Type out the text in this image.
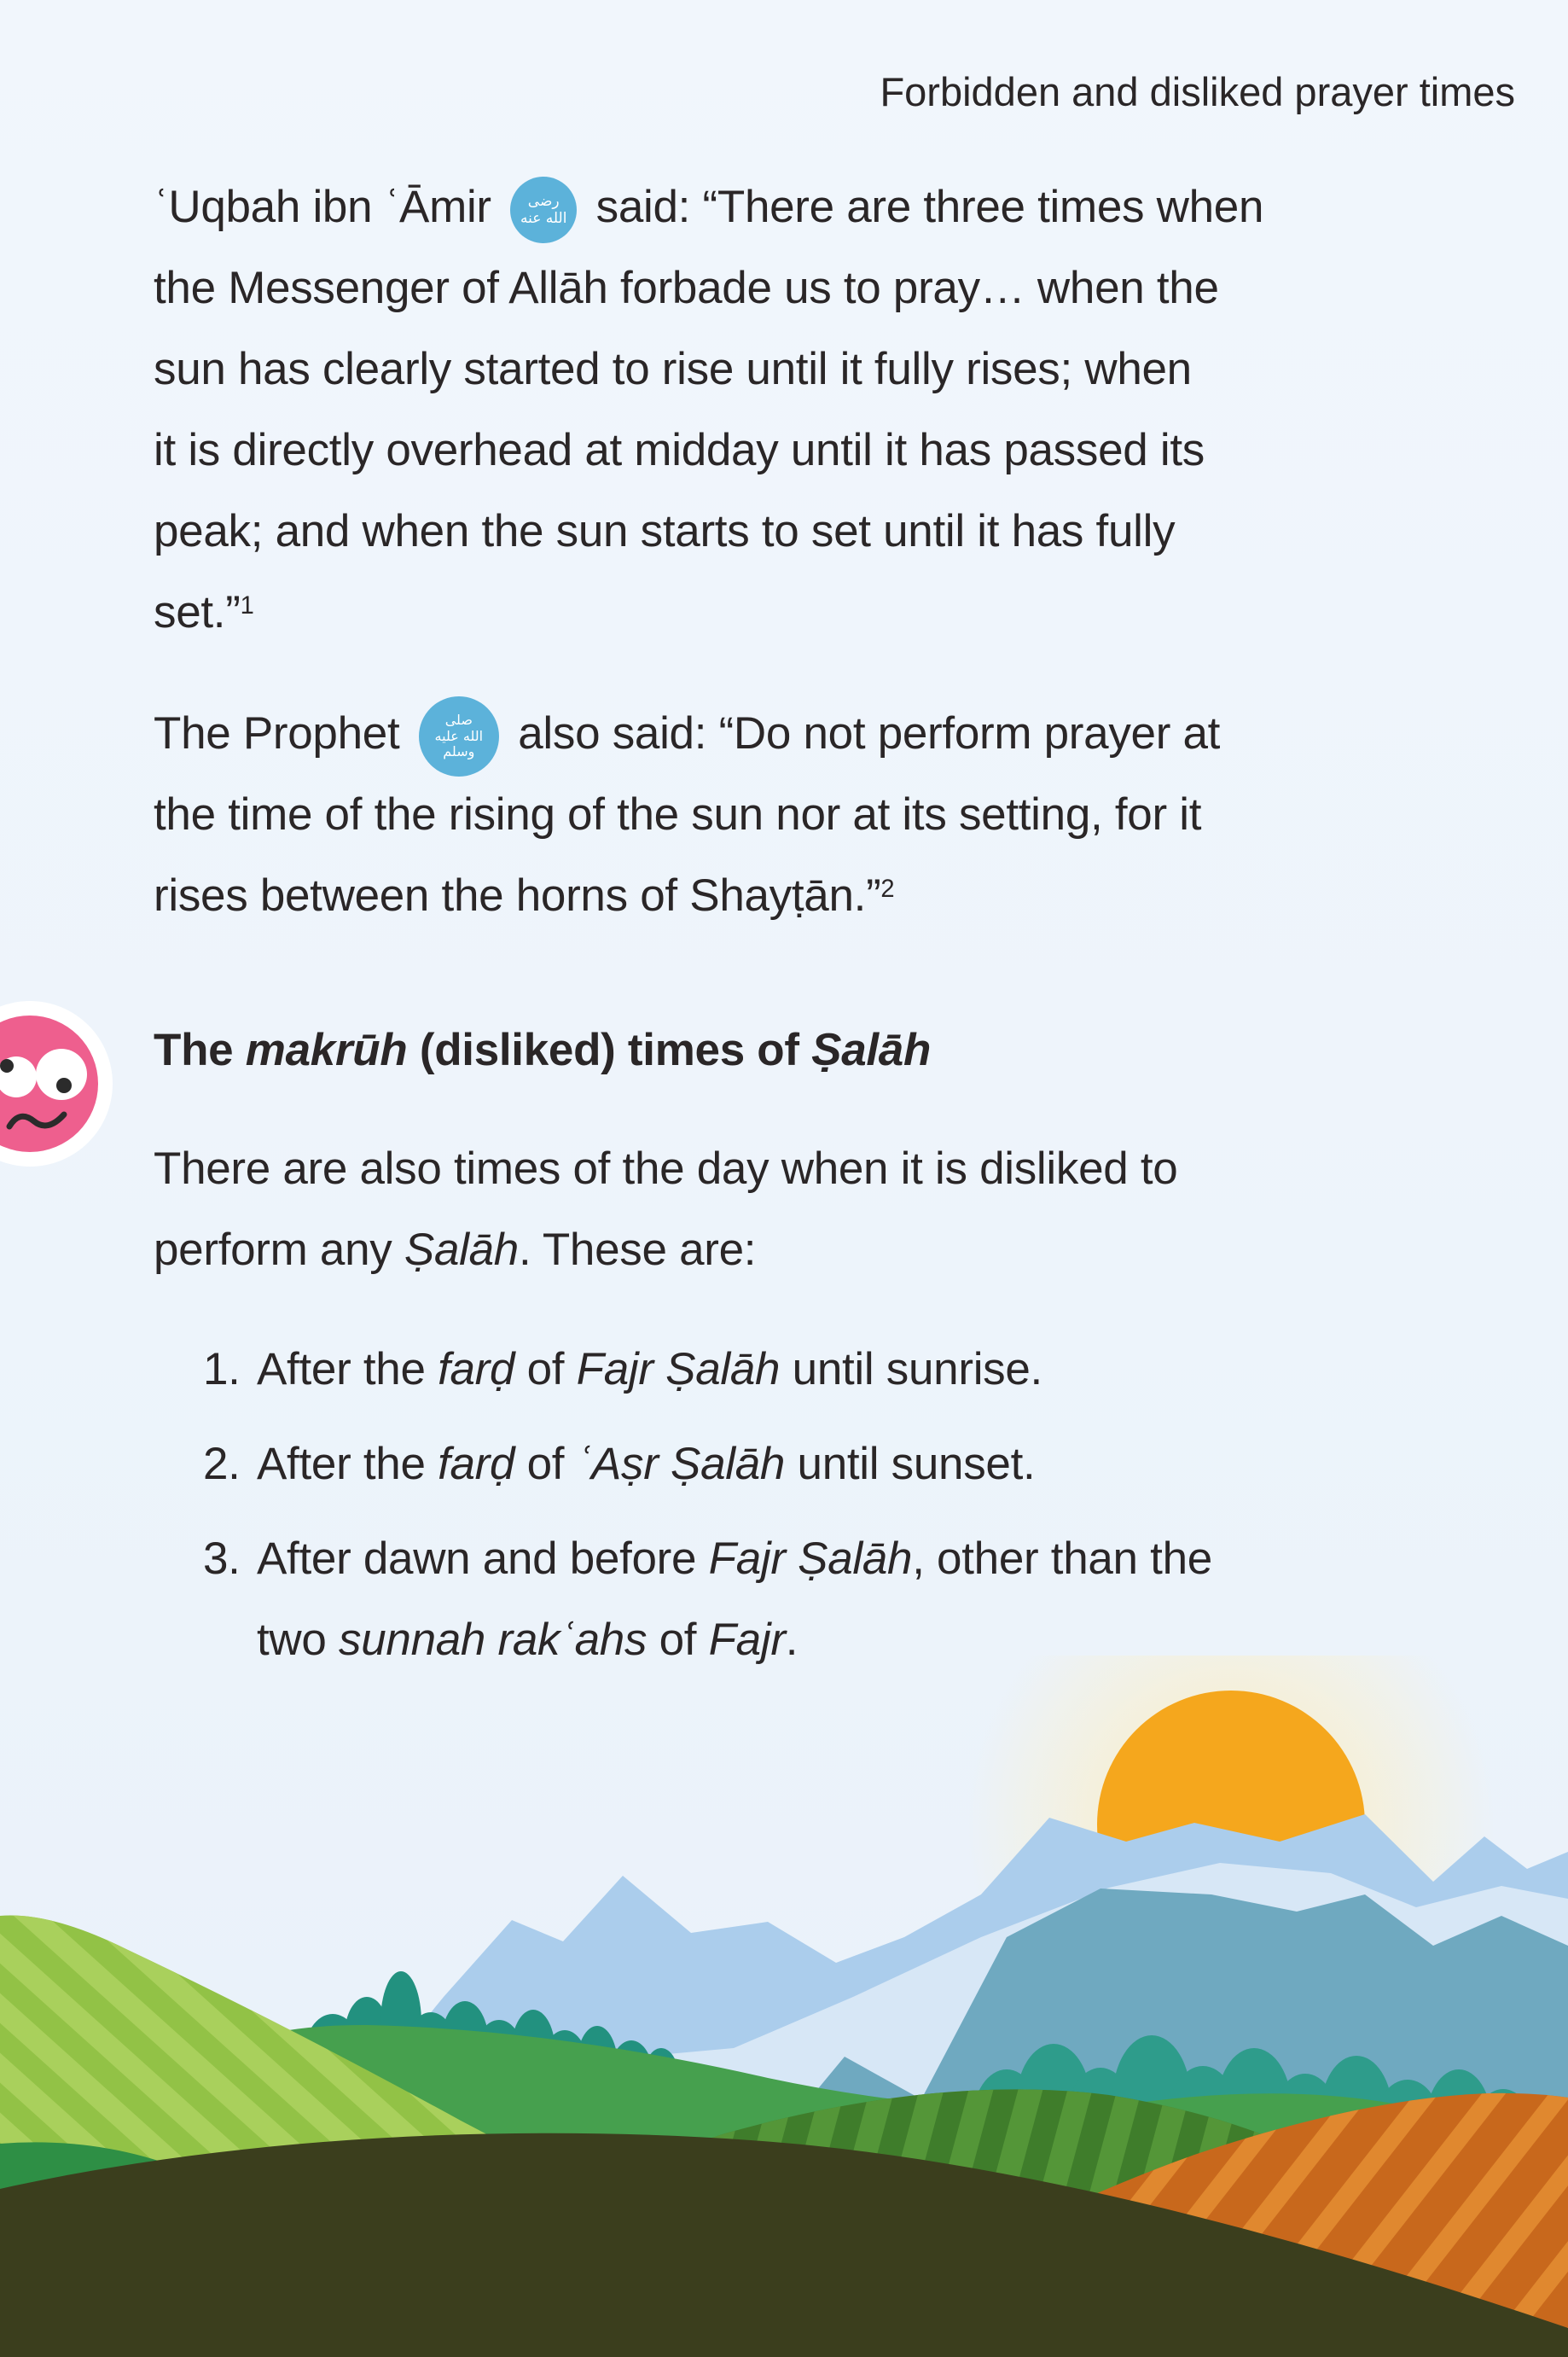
Forbidden and disliked prayer times
ʿUqbah ibn ʿĀmir رضى
الله عنه said: “There are three times when
the Messenger of Allāh forbade us to pray… when the
sun has clearly started to rise until it fully rises; when
it is directly overhead at midday until it has passed its
peak; and when the sun starts to set until it has fully
set.”$^1$
The Prophet صلى
الله عليه
وسلم also said: “Do not perform prayer at
the time of the rising of the sun nor at its setting, for it
rises between the horns of Shayṭān.”$^2$
The makrūh (disliked) times of Ṣalāh
There are also times of the day when it is disliked to
perform any Ṣalāh. These are:
1. After the farḍ of Fajr Ṣalāh until sunrise.
2. After the farḍ of ʿAṣr Ṣalāh until sunset.
3. After dawn and before Fajr Ṣalāh, other than the
two sunnah rakʿahs of Fajr.
